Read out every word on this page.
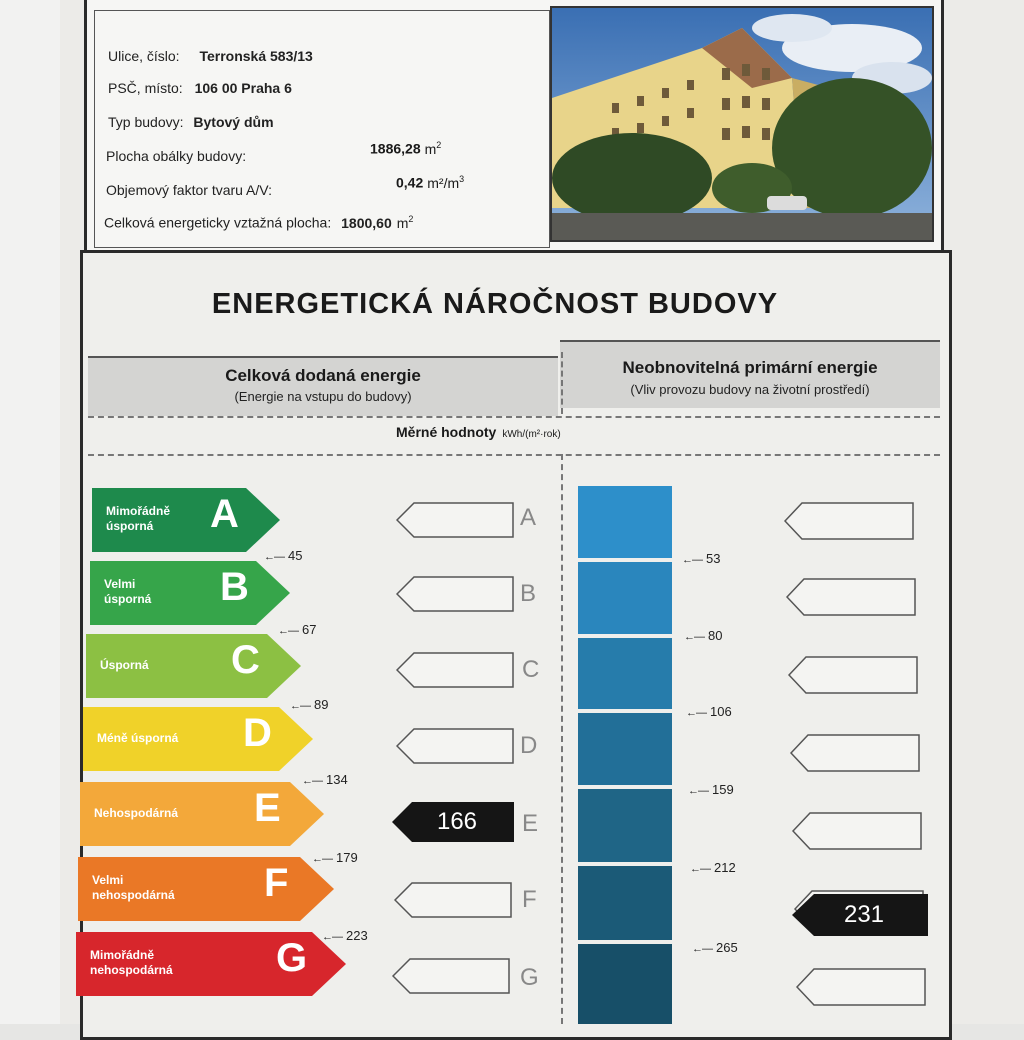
Ulice, číslo: Terronská 583/13
PSČ, místo: 106 00 Praha 6
Typ budovy: Bytový dům
Plocha obálky budovy:	1886,28 $m^2$
Objemový faktor tvaru A/V:	0,42 $m^2/m^3$
Celková energeticky vztažná plocha: 1800,60 $m^2$
ENERGETICKÁ NÁROČNOST BUDOVY
Celková dodaná energie
(Energie na vstupu do budovy)
Neobnovitelná primární energie
(Vliv provozu budovy na životní prostředí)
Měrné hodnoty kWh/(m²·rok)
Mimořádně
úsporná	A	A
Velmi
úsporná B	B
Úsporná C	C
Méně úsporná D	D
Nehospodárná E	E
Velmi
nehospodárná F	F
Mimořádně
nehospodárná	G	G
←— 45
←— 67
←— 89
←— 134
←— 179
←— 223
←— 53
←— 80
←— 106
←— 159
←— 212
←— 265
166
231
